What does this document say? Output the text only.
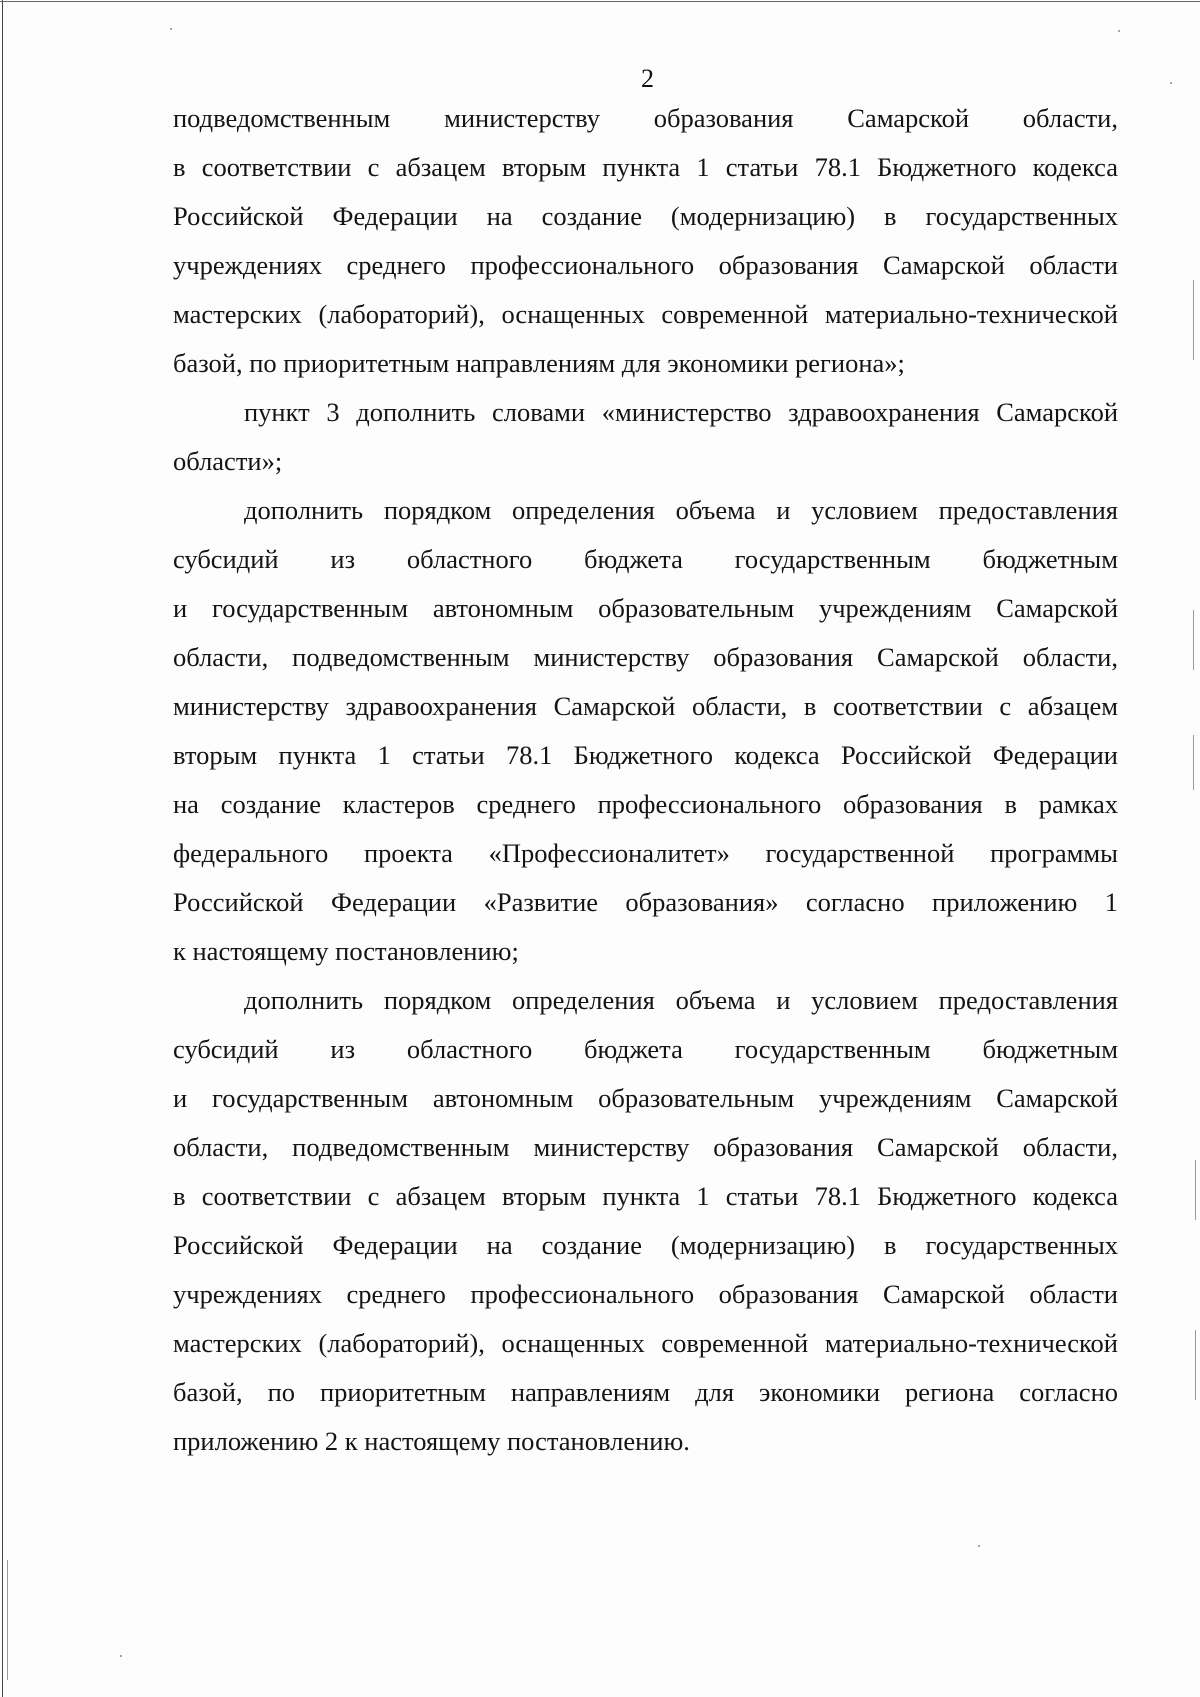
2
подведомственным министерству образования Самарской области,
в соответствии с абзацем вторым пункта 1 статьи 78.1 Бюджетного кодекса
Российской Федерации на создание (модернизацию) в государственных
учреждениях среднего профессионального образования Самарской области
мастерских (лабораторий), оснащенных современной материально-технической
базой, по приоритетным направлениям для экономики региона»;
пункт 3 дополнить словами «министерство здравоохранения Самарской
области»;
дополнить порядком определения объема и условием предоставления
субсидий из областного бюджета государственным бюджетным
и государственным автономным образовательным учреждениям Самарской
области, подведомственным министерству образования Самарской области,
министерству здравоохранения Самарской области, в соответствии с абзацем
вторым пункта 1 статьи 78.1 Бюджетного кодекса Российской Федерации
на создание кластеров среднего профессионального образования в рамках
федерального проекта «Профессионалитет» государственной программы
Российской Федерации «Развитие образования» согласно приложению 1
к настоящему постановлению;
дополнить порядком определения объема и условием предоставления
субсидий из областного бюджета государственным бюджетным
и государственным автономным образовательным учреждениям Самарской
области, подведомственным министерству образования Самарской области,
в соответствии с абзацем вторым пункта 1 статьи 78.1 Бюджетного кодекса
Российской Федерации на создание (модернизацию) в государственных
учреждениях среднего профессионального образования Самарской области
мастерских (лабораторий), оснащенных современной материально-технической
базой, по приоритетным направлениям для экономики региона согласно
приложению 2 к настоящему постановлению.
